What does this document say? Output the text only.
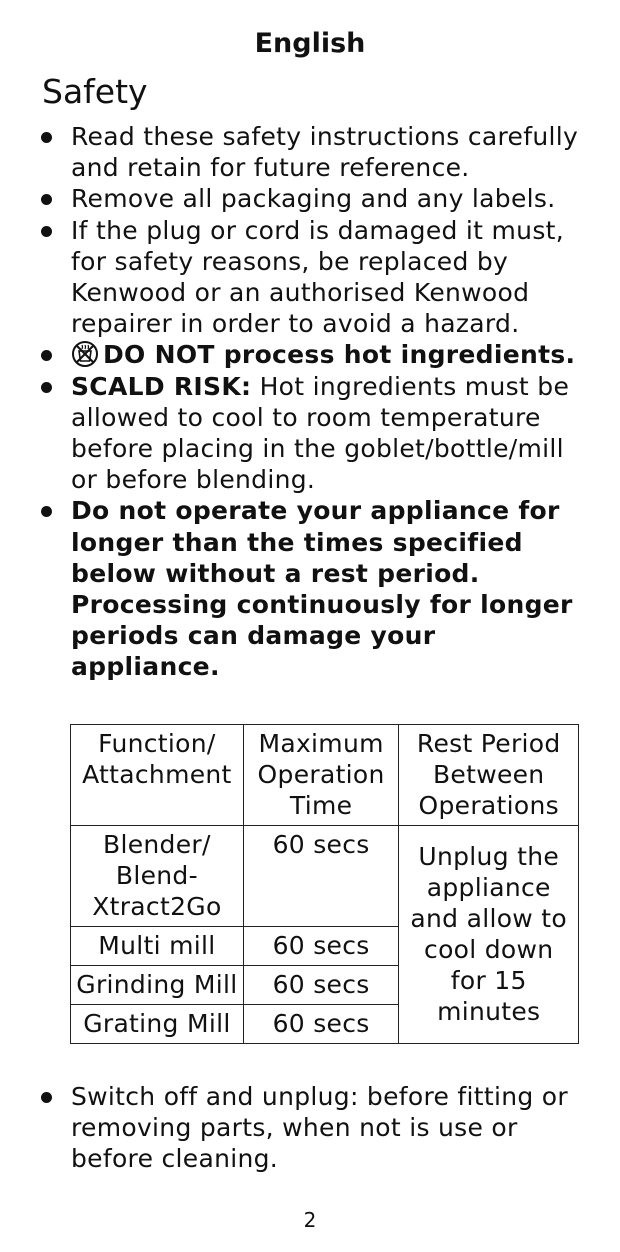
English
Safety
Read these safety instructions carefully and retain for future reference.
Remove all packaging and any labels.
If the plug or cord is damaged it must, for safety reasons, be replaced by Kenwood or an authorised Kenwood repairer in order to avoid a hazard.
DO NOT process hot ingredients.
SCALD RISK: Hot ingredients must be allowed to cool to room temperature before placing in the goblet/bottle/mill or before blending.
Do not operate your appliance for longer than the times specified below without a rest period. Processing continuously for longer periods can damage your appliance.
Function/ Attachment	Maximum Operation Time	Rest Period Between Operations
Blender/ Blend-Xtract2Go	60 secs	Unplug the appliance and allow to cool down for 15 minutes
Multi mill	60 secs	
Grinding Mill	60 secs	
Grating Mill	60 secs	
Switch off and unplug: before fitting or removing parts, when not is use or before cleaning.
2
